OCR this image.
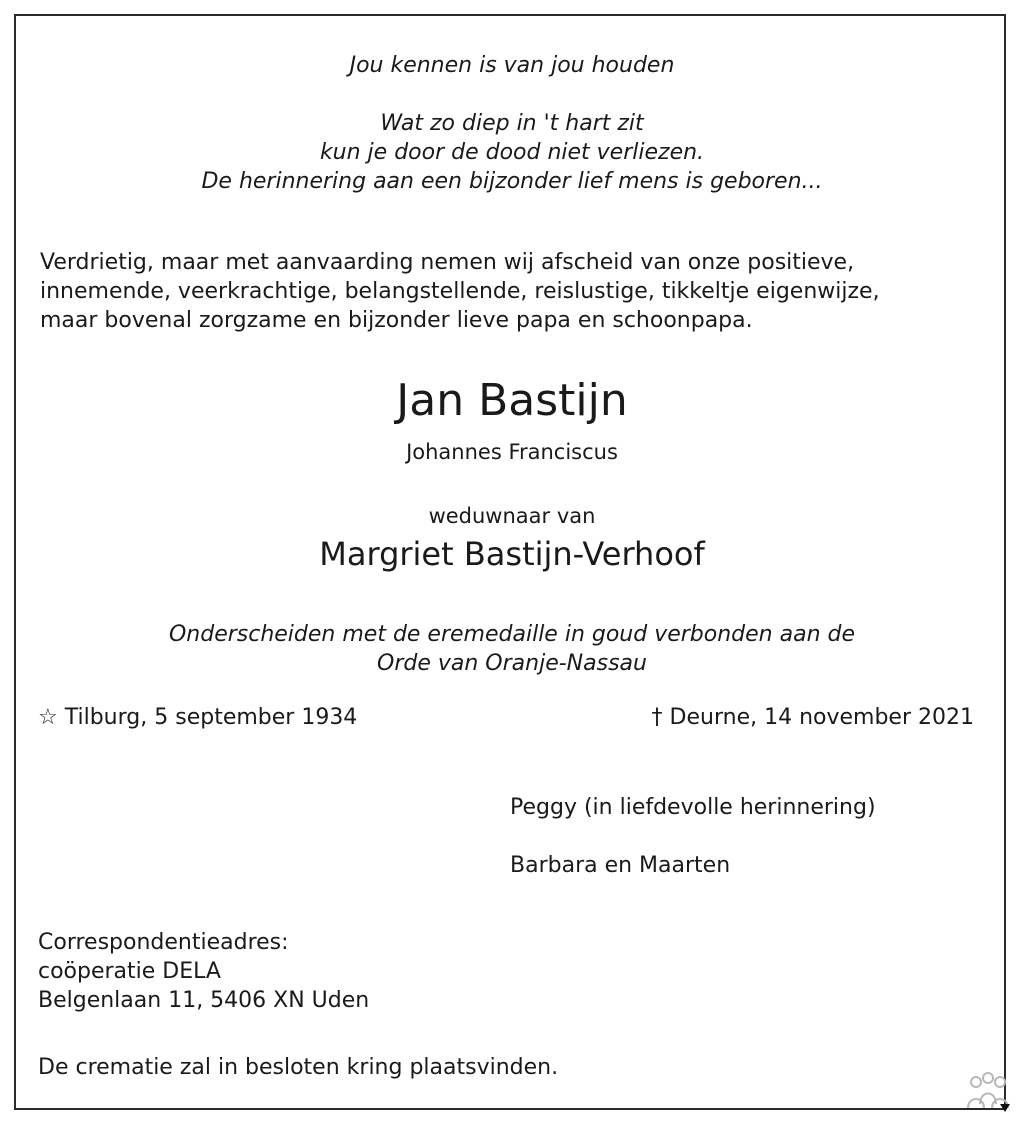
Jou kennen is van jou houden
Wat zo diep in 't hart zit
kun je door de dood niet verliezen.
De herinnering aan een bijzonder lief mens is geboren...
Verdrietig, maar met aanvaarding nemen wij afscheid van onze positieve,
innemende, veerkrachtige, belangstellende, reislustige, tikkeltje eigenwijze,
maar bovenal zorgzame en bijzonder lieve papa en schoonpapa.
Jan Bastijn
Johannes Franciscus
weduwnaar van
Margriet Bastijn-Verhoof
Onderscheiden met de eremedaille in goud verbonden aan de
Orde van Oranje-Nassau
☆ Tilburg, 5 september 1934	† Deurne, 14 november 2021
Peggy (in liefdevolle herinnering)
Barbara en Maarten
Correspondentieadres:
coöperatie DELA
Belgenlaan 11, 5406 XN Uden
De crematie zal in besloten kring plaatsvinden.
